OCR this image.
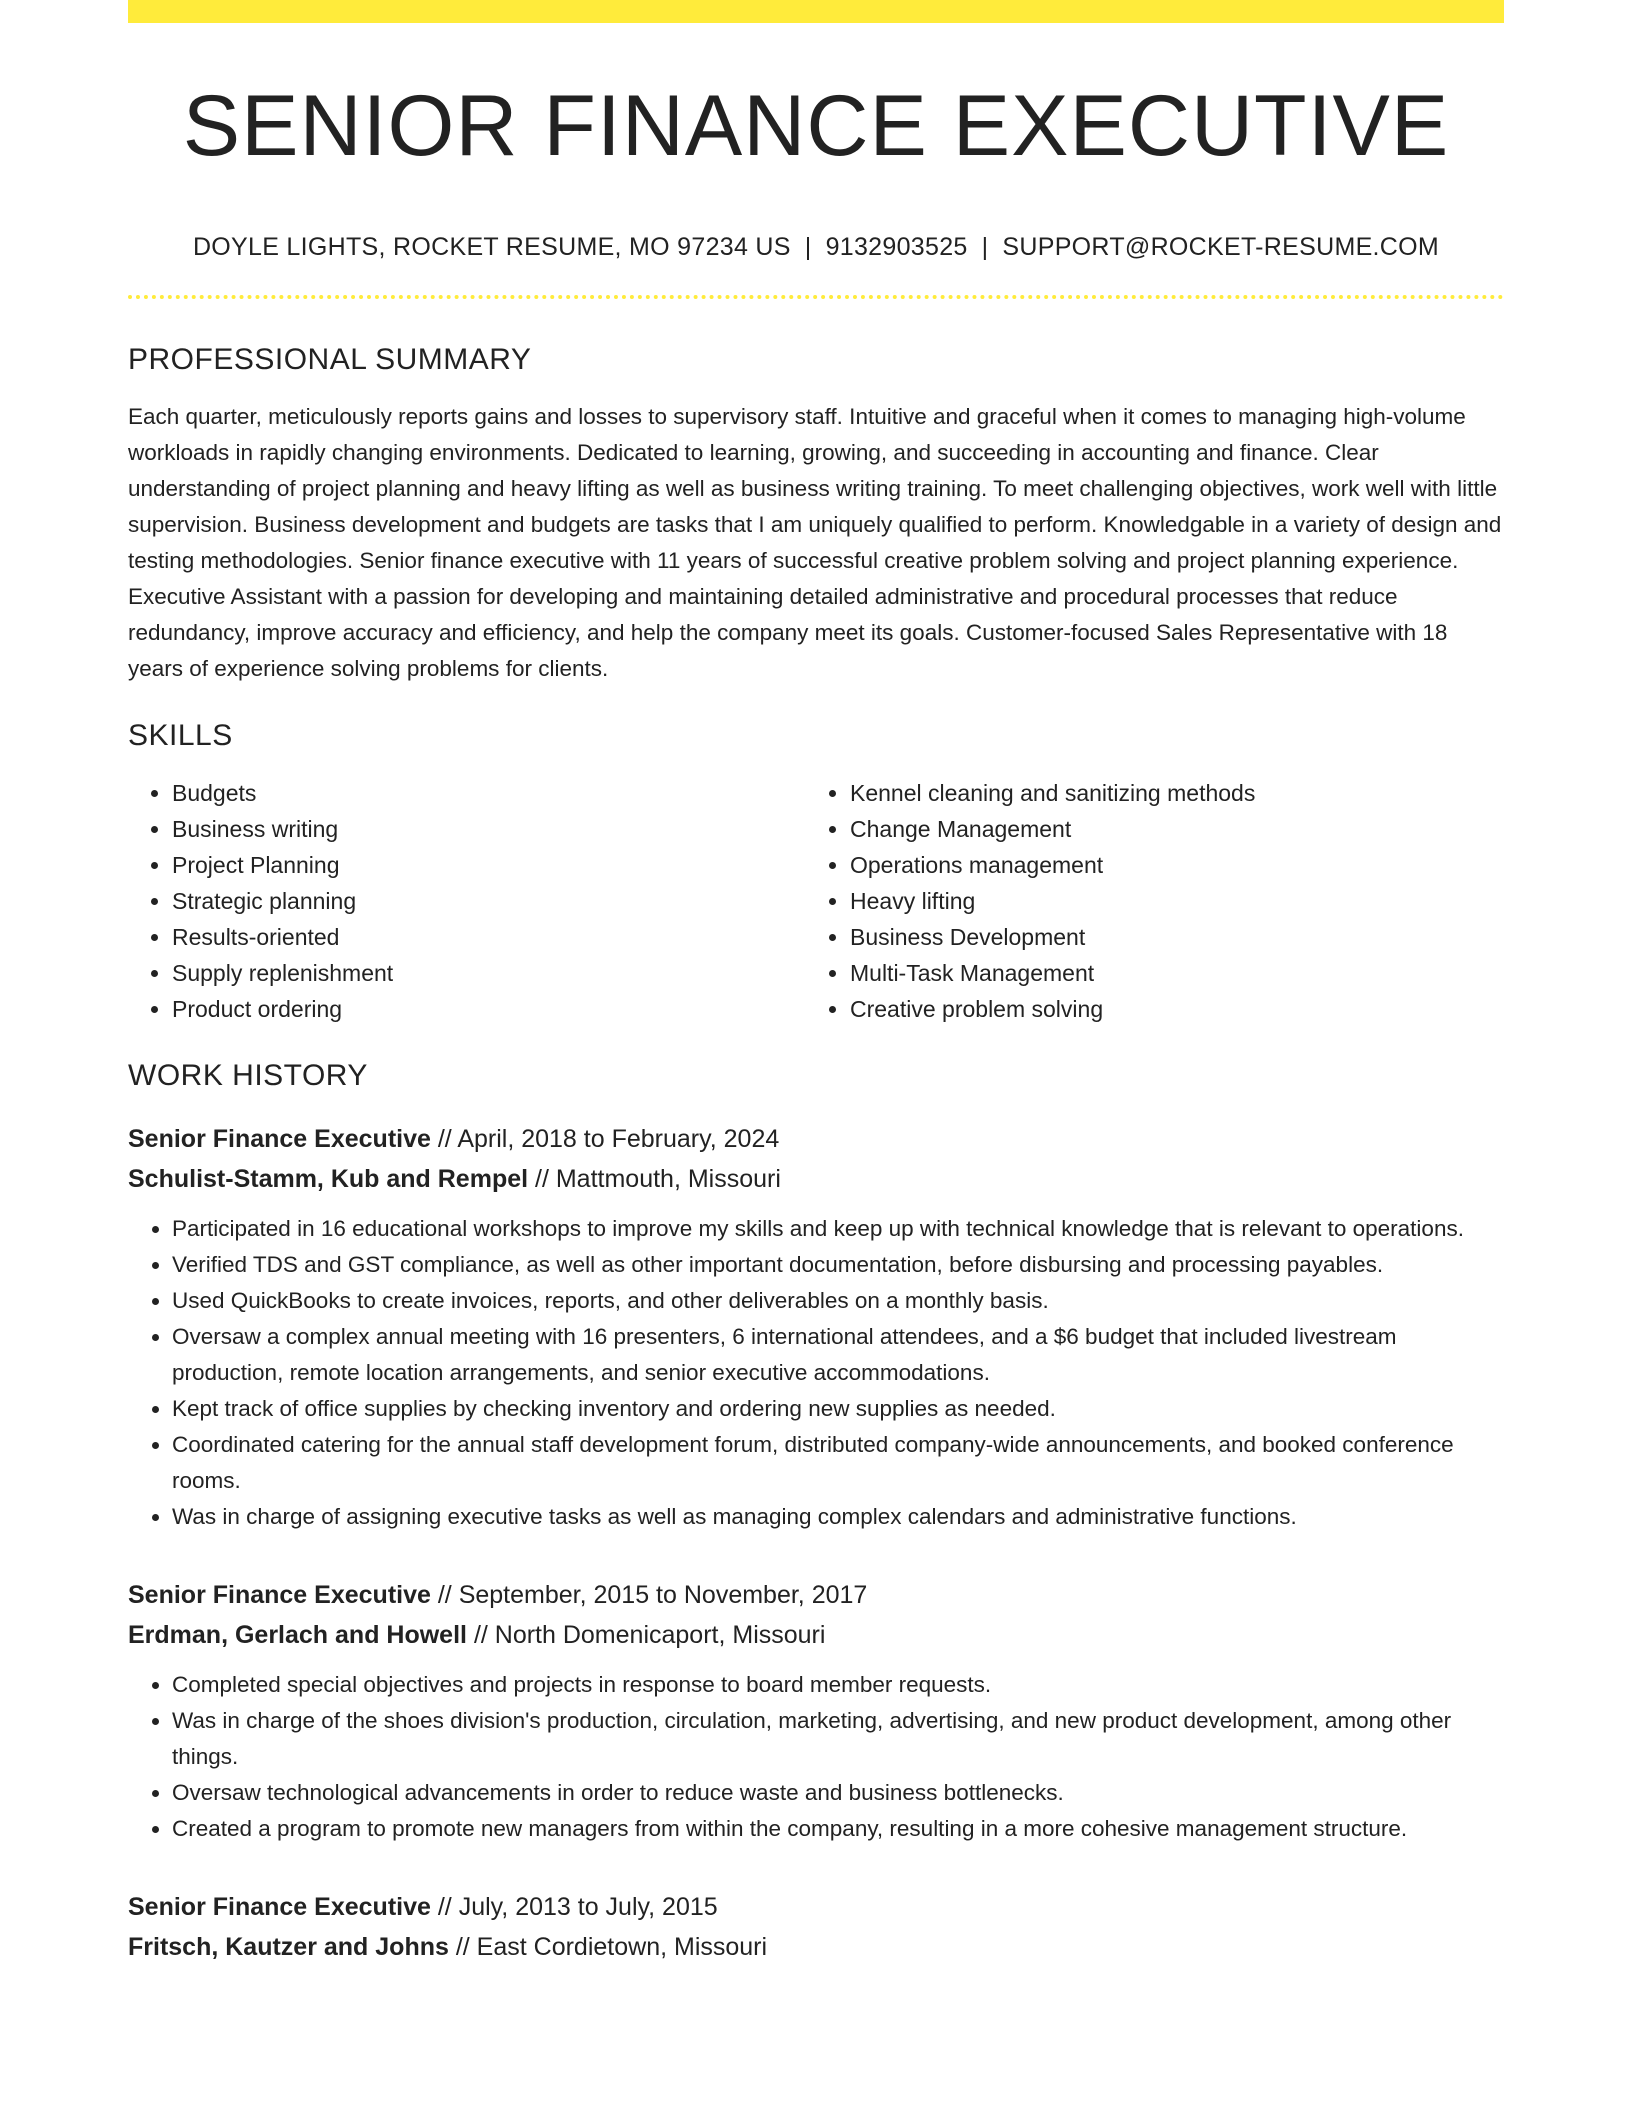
SENIOR FINANCE EXECUTIVE
DOYLE LIGHTS, ROCKET RESUME, MO 97234 US | 9132903525 | SUPPORT@ROCKET-RESUME.COM
PROFESSIONAL SUMMARY

Each quarter, meticulously reports gains and losses to supervisory staff. Intuitive and graceful when it comes to managing high-volume workloads in rapidly changing environments. Dedicated to learning, growing, and succeeding in accounting and finance. Clear understanding of project planning and heavy lifting as well as business writing training. To meet challenging objectives, work well with little supervision. Business development and budgets are tasks that I am uniquely qualified to perform. Knowledgable in a variety of design and testing methodologies. Senior finance executive with 11 years of successful creative problem solving and project planning experience. Executive Assistant with a passion for developing and maintaining detailed administrative and procedural processes that reduce redundancy, improve accuracy and efficiency, and help the company meet its goals. Customer-focused Sales Representative with 18 years of experience solving problems for clients.

SKILLS
• Budgets
• Business writing
• Project Planning
• Strategic planning
• Results-oriented
• Supply replenishment
• Product ordering
• Kennel cleaning and sanitizing methods
• Change Management
• Operations management
• Heavy lifting
• Business Development
• Multi-Task Management
• Creative problem solving
WORK HISTORY
Senior Finance Executive // April, 2018 to February, 2024
Schulist-Stamm, Kub and Rempel // Mattmouth, Missouri
• Participated in 16 educational workshops to improve my skills and keep up with technical knowledge that is relevant to operations.
• Verified TDS and GST compliance, as well as other important documentation, before disbursing and processing payables.
• Used QuickBooks to create invoices, reports, and other deliverables on a monthly basis.
• Oversaw a complex annual meeting with 16 presenters, 6 international attendees, and a $6 budget that included livestream production, remote location arrangements, and senior executive accommodations.
• Kept track of office supplies by checking inventory and ordering new supplies as needed.
• Coordinated catering for the annual staff development forum, distributed company-wide announcements, and booked conference rooms.
• Was in charge of assigning executive tasks as well as managing complex calendars and administrative functions.
Senior Finance Executive // September, 2015 to November, 2017
Erdman, Gerlach and Howell // North Domenicaport, Missouri
• Completed special objectives and projects in response to board member requests.
• Was in charge of the shoes division's production, circulation, marketing, advertising, and new product development, among other things.
• Oversaw technological advancements in order to reduce waste and business bottlenecks.
• Created a program to promote new managers from within the company, resulting in a more cohesive management structure.
Senior Finance Executive // July, 2013 to July, 2015
Fritsch, Kautzer and Johns // East Cordietown, Missouri
